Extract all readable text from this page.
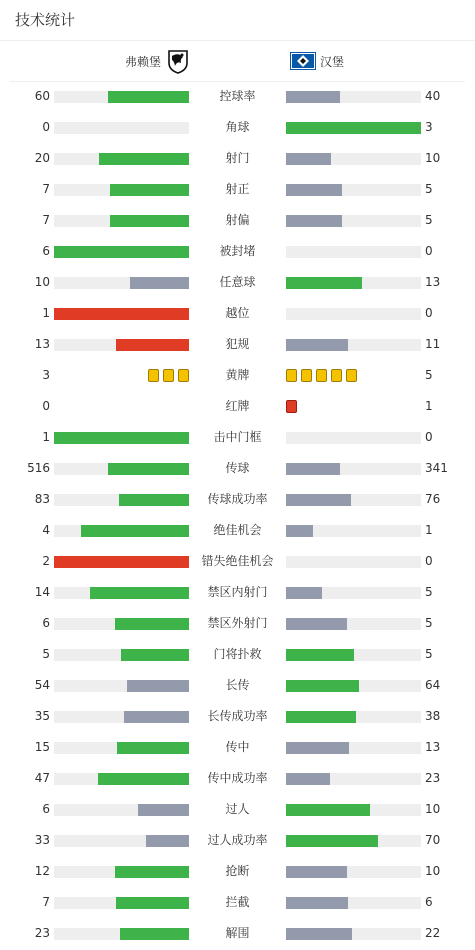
技术统计
弗赖堡	汉堡
60	控球率	40
0	角球	3
20	射门	10
7	射正	5
7	射偏	5
6	被封堵	0
10	任意球	13
1	越位	0
13	犯规	11
3	黄牌	5
0	红牌	1
1	击中门框	0
516	传球	341
83	传球成功率	76
4	绝佳机会	1
2	错失绝佳机会	0
14	禁区内射门	5
6	禁区外射门	5
5	门将扑救	5
54	长传	64
35	长传成功率	38
15	传中	13
47	传中成功率	23
6	过人	10
33	过人成功率	70
12	抢断	10
7	拦截	6
23	解围	22
